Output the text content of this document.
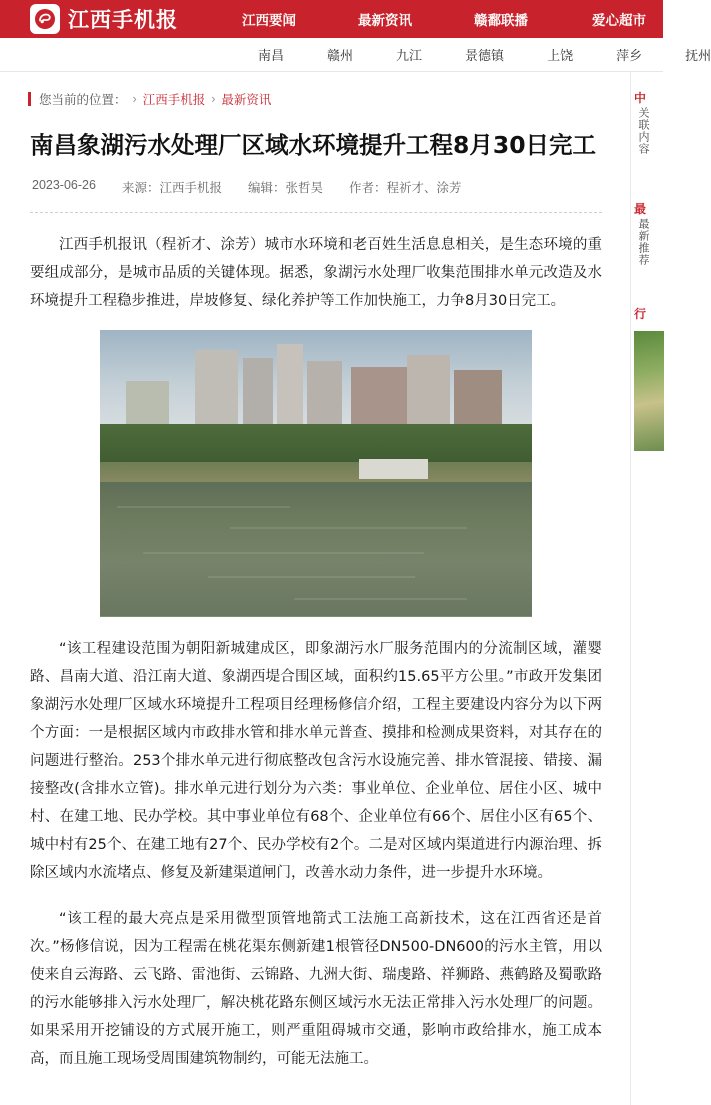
江西手机报	江西要闻	最新资讯	赣鄱联播	爱心超市
南昌	赣州	九江	景德镇	上饶	萍乡	抚州
您当前的位置： › 江西手机报 › 最新资讯
南昌象湖污水处理厂区域水环境提升工程8月30日完工
2023-06-26 来源：江西手机报 编辑：张哲昊 作者：程祈才、涂芳

江西手机报讯（程祈才、涂芳）城市水环境和老百姓生活息息相关，是生态环境的重要组成部分，是城市品质的关键体现。据悉，象湖污水处理厂收集范围排水单元改造及水环境提升工程稳步推进，岸坡修复、绿化养护等工作加快施工，力争8月30日完工。

“该工程建设范围为朝阳新城建成区，即象湖污水厂服务范围内的分流制区域，灌婴路、昌南大道、沿江南大道、象湖西堤合围区域，面积约15.65平方公里。”市政开发集团象湖污水处理厂区域水环境提升工程项目经理杨修信介绍，工程主要建设内容分为以下两个方面：一是根据区域内市政排水管和排水单元普查、摸排和检测成果资料，对其存在的问题进行整治。253个排水单元进行彻底整改包含污水设施完善、排水管混接、错接、漏接整改(含排水立管)。排水单元进行划分为六类：事业单位、企业单位、居住小区、城中村、在建工地、民办学校。其中事业单位有68个、企业单位有66个、居住小区有65个、城中村有25个、在建工地有27个、民办学校有2个。二是对区域内渠道进行内源治理、拆除区域内水流堵点、修复及新建渠道闸门，改善水动力条件，进一步提升水环境。

“该工程的最大亮点是采用微型顶管地箭式工法施工高新技术，这在江西省还是首次。”杨修信说，因为工程需在桃花渠东侧新建1根管径DN500-DN600的污水主管，用以使来自云海路、云飞路、雷池街、云锦路、九洲大街、瑞虔路、祥狮路、燕鹤路及蜀歌路的污水能够排入污水处理厂，解决桃花路东侧区域污水无法正常排入污水处理厂的问题。如果采用开挖铺设的方式展开施工，则严重阻碍城市交通，影响市政给排水，施工成本高，而且施工现场受周围建筑物制约，可能无法施工。

中
关联内容
最
最新推荐
行
